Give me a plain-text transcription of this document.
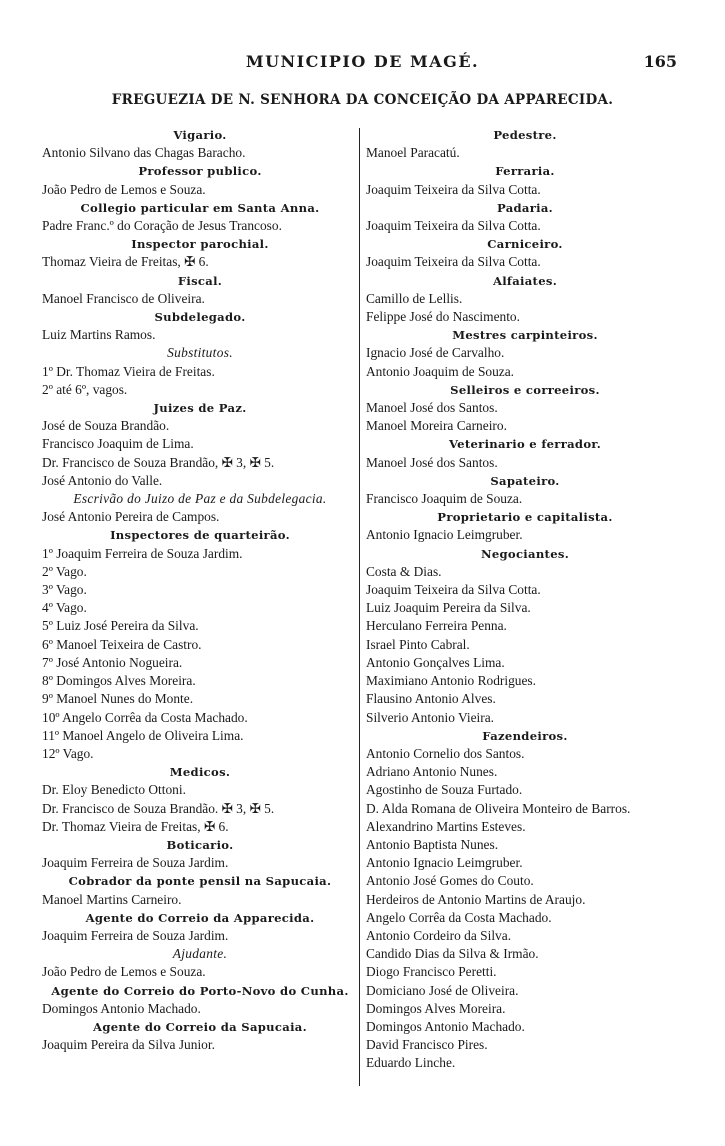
MUNICIPIO DE MAGÉ.	165
FREGUEZIA DE N. SENHORA DA CONCEIÇÃO DA APPARECIDA.
Vigario.
Antonio Silvano das Chagas Baracho.
Professor publico.
João Pedro de Lemos e Souza.
Collegio particular em Santa Anna.
Padre Franc.º do Coração de Jesus Trancoso.
Inspector parochial.
Thomaz Vieira de Freitas, ✠ 6.
Fiscal.
Manoel Francisco de Oliveira.
Subdelegado.
Luiz Martins Ramos.
Substitutos.
1º Dr. Thomaz Vieira de Freitas.
2º até 6º, vagos.
Juizes de Paz.
José de Souza Brandão.
Francisco Joaquim de Lima.
Dr. Francisco de Souza Brandão, ✠ 3, ✠ 5.
José Antonio do Valle.
Escrivão do Juizo de Paz e da Subdelegacia.
José Antonio Pereira de Campos.
Inspectores de quarteirão.
1º Joaquim Ferreira de Souza Jardim.
2º Vago.
3º Vago.
4º Vago.
5º Luiz José Pereira da Silva.
6º Manoel Teixeira de Castro.
7º José Antonio Nogueira.
8º Domingos Alves Moreira.
9º Manoel Nunes do Monte.
10º Angelo Corrêa da Costa Machado.
11º Manoel Angelo de Oliveira Lima.
12º Vago.
Medicos.
Dr. Eloy Benedicto Ottoni.
Dr. Francisco de Souza Brandão. ✠ 3, ✠ 5.
Dr. Thomaz Vieira de Freitas, ✠ 6.
Boticario.
Joaquim Ferreira de Souza Jardim.
Cobrador da ponte pensil na Sapucaia.
Manoel Martins Carneiro.
Agente do Correio da Apparecida.
Joaquim Ferreira de Souza Jardim.
Ajudante.
João Pedro de Lemos e Souza.
Agente do Correio do Porto-Novo do Cunha.
Domingos Antonio Machado.
Agente do Correio da Sapucaia.
Joaquim Pereira da Silva Junior.
Pedestre.
Manoel Paracatú.
Ferraria.
Joaquim Teixeira da Silva Cotta.
Padaria.
Joaquim Teixeira da Silva Cotta.
Carniceiro.
Joaquim Teixeira da Silva Cotta.
Alfaiates.
Camillo de Lellis.
Felippe José do Nascimento.
Mestres carpinteiros.
Ignacio José de Carvalho.
Antonio Joaquim de Souza.
Selleiros e correeiros.
Manoel José dos Santos.
Manoel Moreira Carneiro.
Veterinario e ferrador.
Manoel José dos Santos.
Sapateiro.
Francisco Joaquim de Souza.
Proprietario e capitalista.
Antonio Ignacio Leimgruber.
Negociantes.
Costa & Dias.
Joaquim Teixeira da Silva Cotta.
Luiz Joaquim Pereira da Silva.
Herculano Ferreira Penna.
Israel Pinto Cabral.
Antonio Gonçalves Lima.
Maximiano Antonio Rodrigues.
Flausino Antonio Alves.
Silverio Antonio Vieira.
Fazendeiros.
Antonio Cornelio dos Santos.
Adriano Antonio Nunes.
Agostinho de Souza Furtado.
D. Alda Romana de Oliveira Monteiro de Barros.
Alexandrino Martins Esteves.
Antonio Baptista Nunes.
Antonio Ignacio Leimgruber.
Antonio José Gomes do Couto.
Herdeiros de Antonio Martins de Araujo.
Angelo Corrêa da Costa Machado.
Antonio Cordeiro da Silva.
Candido Dias da Silva & Irmão.
Diogo Francisco Peretti.
Domiciano José de Oliveira.
Domingos Alves Moreira.
Domingos Antonio Machado.
David Francisco Pires.
Eduardo Linche.
